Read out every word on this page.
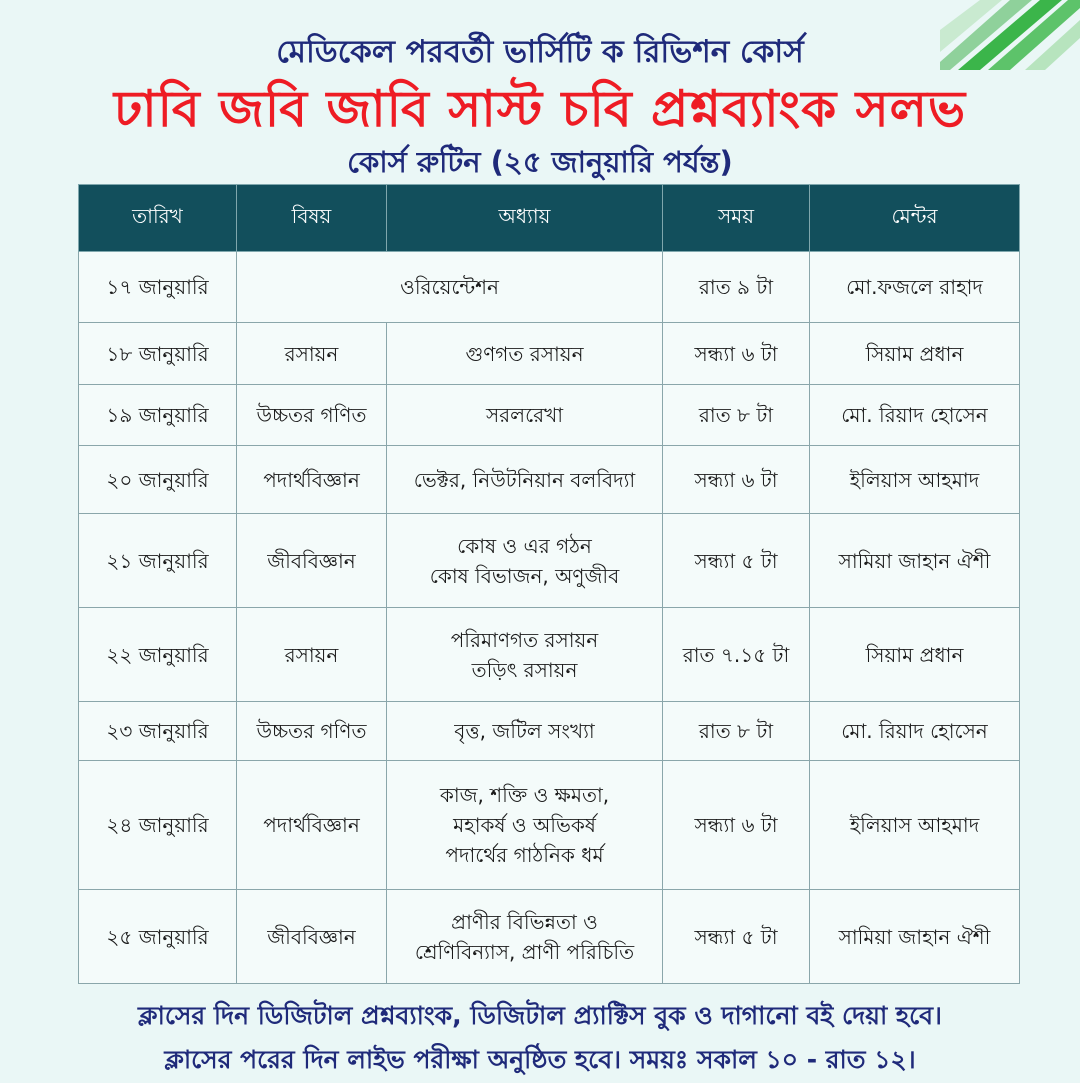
মেডিকেল পরবর্তী ভার্সিটি ক রিভিশন কোর্স
ঢাবি জবি জাবি সাস্ট চবি প্রশ্নব্যাংক সলভ
কোর্স রুটিন (২৫ জানুয়ারি পর্যন্ত)
তারিখ	বিষয়	অধ্যায়	সময়	মেন্টর
১৭ জানুয়ারি	ওরিয়েন্টেশন		রাত ৯ টা	মো.ফজলে রাহাদ
১৮ জানুয়ারি	রসায়ন	গুণগত রসায়ন	সন্ধ্যা ৬ টা	সিয়াম প্রধান
১৯ জানুয়ারি	উচ্চতর গণিত	সরলরেখা	রাত ৮ টা	মো. রিয়াদ হোসেন
২০ জানুয়ারি	পদার্থবিজ্ঞান	ভেক্টর, নিউটনিয়ান বলবিদ্যা	সন্ধ্যা ৬ টা	ইলিয়াস আহমাদ
২১ জানুয়ারি	জীববিজ্ঞান	কোষ ও এর গঠন
কোষ বিভাজন, অণুজীব	সন্ধ্যা ৫ টা	সামিয়া জাহান ঐশী
২২ জানুয়ারি	রসায়ন	পরিমাণগত রসায়ন
তড়িৎ রসায়ন	রাত ৭.১৫ টা	সিয়াম প্রধান
২৩ জানুয়ারি	উচ্চতর গণিত	বৃত্ত, জটিল সংখ্যা	রাত ৮ টা	মো. রিয়াদ হোসেন
২৪ জানুয়ারি	পদার্থবিজ্ঞান	কাজ, শক্তি ও ক্ষমতা,
মহাকর্ষ ও অভিকর্ষ
পদার্থের গাঠনিক ধর্ম	সন্ধ্যা ৬ টা	ইলিয়াস আহমাদ
২৫ জানুয়ারি	জীববিজ্ঞান	প্রাণীর বিভিন্নতা ও
শ্রেণিবিন্যাস, প্রাণী পরিচিতি	সন্ধ্যা ৫ টা	সামিয়া জাহান ঐশী
ক্লাসের দিন ডিজিটাল প্রশ্নব্যাংক, ডিজিটাল প্র্যাক্টিস বুক ও দাগানো বই দেয়া হবে।
ক্লাসের পরের দিন লাইভ পরীক্ষা অনুষ্ঠিত হবে। সময়ঃ সকাল ১০ - রাত ১২।
